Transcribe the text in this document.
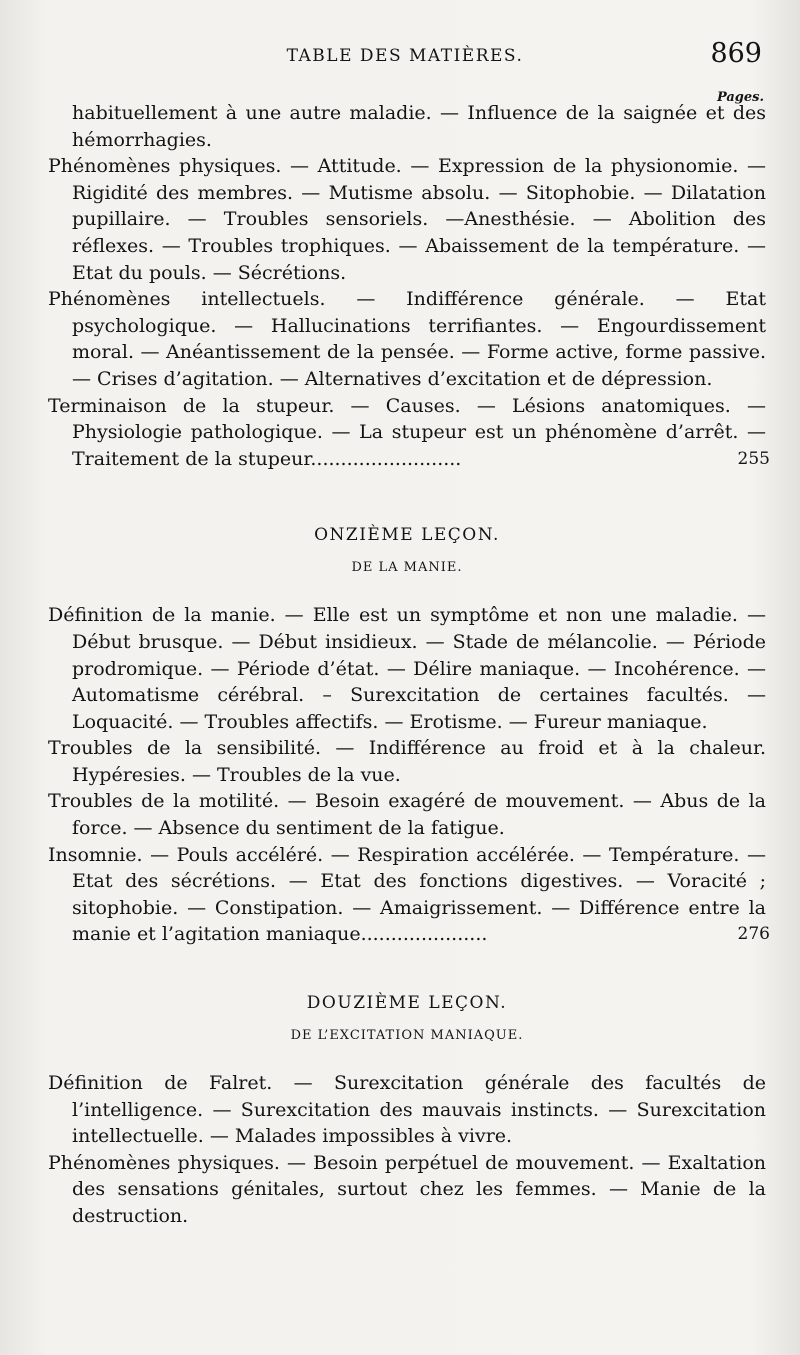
TABLE DES MATIÈRES.	869
Pages.

habituellement à une autre maladie. — Influence de la saignée et des hémorrhagies.

Phénomènes physiques. — Attitude. — Expression de la physionomie. — Rigidité des membres. — Mutisme absolu. — Sitophobie. — Dilatation pupillaire. — Troubles sensoriels. —Anesthésie. — Abolition des réflexes. — Troubles trophiques. — Abaissement de la température. — Etat du pouls. — Sécrétions.

Phénomènes intellectuels. — Indifférence générale. — Etat psychologique. — Hallucinations terrifiantes. — Engourdissement moral. — Anéantissement de la pensée. — Forme active, forme passive. — Crises d’agitation. — Alternatives d’excitation et de dépression.

Terminaison de la stupeur. — Causes. — Lésions anatomiques. — Physiologie pathologique. — La stupeur est un phénomène d’arrêt. — Traitement de la stupeur.........................	255

ONZIÈME LEÇON.
DE LA MANIE.

Définition de la manie. — Elle est un symptôme et non une maladie. — Début brusque. — Début insidieux. — Stade de mélancolie. — Période prodromique. — Période d’état. — Délire maniaque. — Incohérence. —Automatisme cérébral. – Surexcitation de certaines facultés. — Loquacité. — Troubles affectifs. — Erotisme. — Fureur maniaque.

Troubles de la sensibilité. — Indifférence au froid et à la chaleur. Hypéresies. — Troubles de la vue.

Troubles de la motilité. — Besoin exagéré de mouvement. — Abus de la force. — Absence du sentiment de la fatigue.

Insomnie. — Pouls accéléré. — Respiration accélérée. — Température. — Etat des sécrétions. — Etat des fonctions digestives. — Voracité ; sitophobie. — Constipation. — Amaigrissement. — Différence entre la manie et l’agitation maniaque.....................	276

DOUZIÈME LEÇON.
DE L’EXCITATION MANIAQUE.

Définition de Falret. — Surexcitation générale des facultés de l’intelligence. — Surexcitation des mauvais instincts. — Surexcitation intellectuelle. — Malades impossibles à vivre.

Phénomènes physiques. — Besoin perpétuel de mouvement. — Exaltation des sensations génitales, surtout chez les femmes. — Manie de la destruction.
